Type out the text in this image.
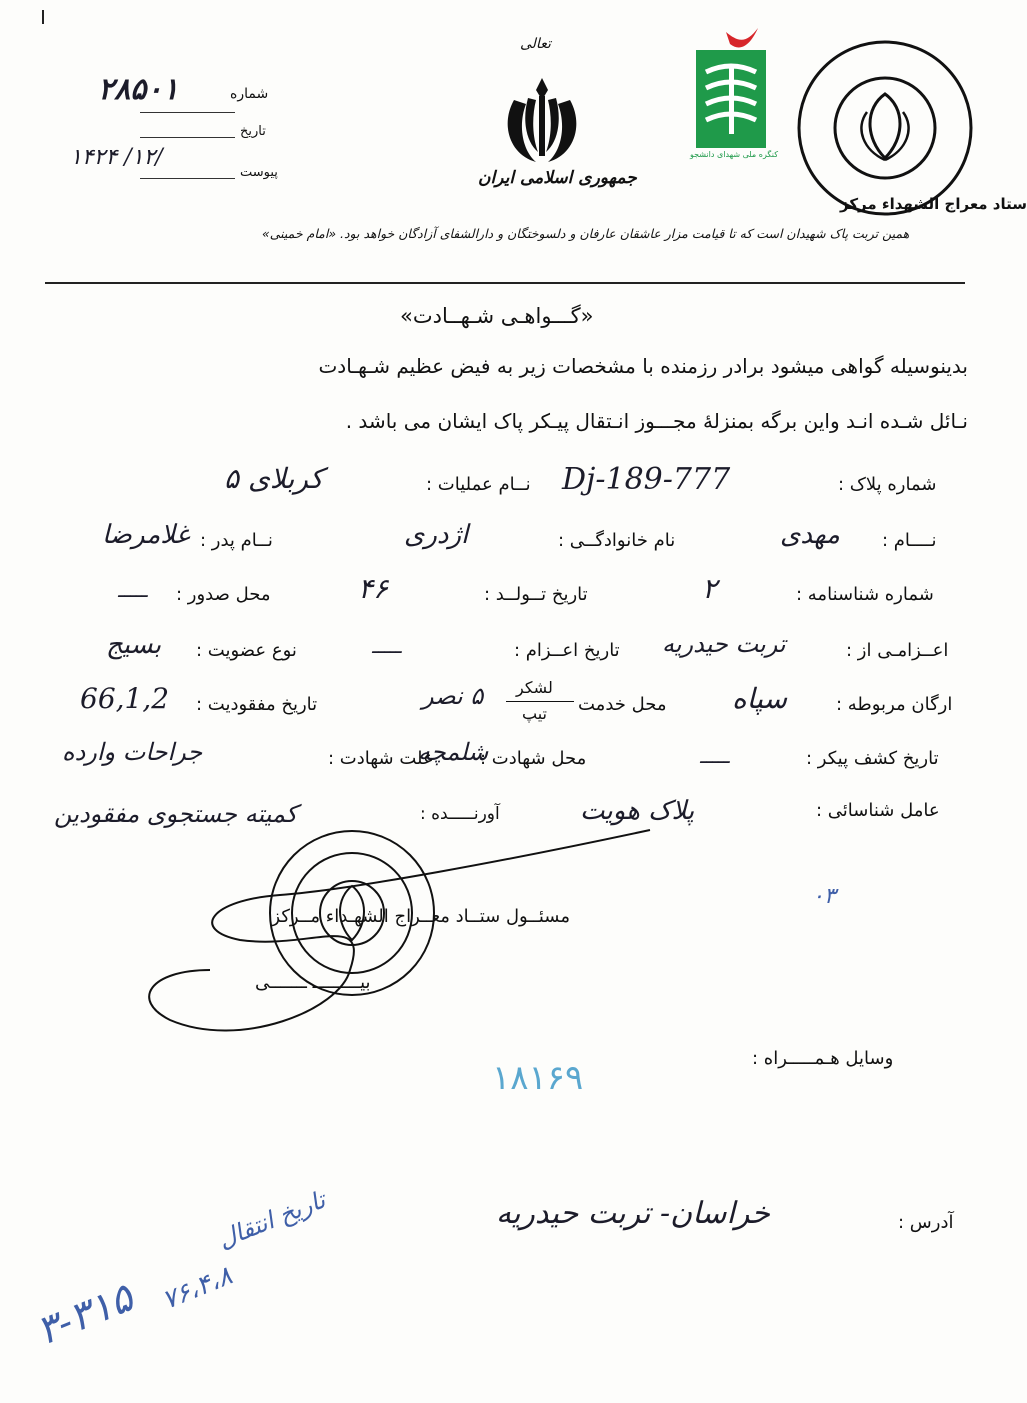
شماره
۲۸۵۰۱
تاریخ
پیوست
۱۴۲۴ /۱۲/
تعالی
جمهوری اسلامی ایران
کنگره ملی شهدای دانشجو
ستاد معراج الشهداء مرکز
همین تربت پاک شهیدان است که تا قیامت مزار عاشقان عارفان و دلسوختگان و دارالشفای آزادگان خواهد بود. «امام خمینی»
«گـــواهـی شـهــادت»
بدینوسیله گواهی میشود برادر رزمنده با مشخصات زیر به فیض عظیم شـهـادت
نـائل شـده انـد واین برگه بمنزلهٔ مجـــوز انـتقال پیـکر پاک ایشان می باشد .
شماره پلاک :
Dj-189-777
نــام عملیات :
کربلای ۵
نــــام :
مهدی
نام خانوادگــی :
اژدری
نــام پدر :
غلامرضا
شماره شناسنامه :
۲
تاریخ تــولــد :
۴۶
محل صدور :
ـــــ
اعــزامـی از :
تربت حیدریه
تاریخ اعــزام :
ـــــ
نوع عضویت :
بسیج
ارگان مربوطه :
سپاه
محل خدمت
لشکر
تیپ
۵ نصر
تاریخ مفقودیت :
66,1,2
تاریخ کشف پیکر :
ـــــ
محل شهادت :
شلمچه
علت شهادت :
جراحات وارده
عامل شناسائی :
پلاک هویت
آورنـــــده :
کمیته جستجوی مفقودین
مسئــول ستــاد معــراج الشهـداء مــرکز
بیـــــــــ ـــــــی
۰۳
وسایل هـمـــــراه :
۱۸۱۶۹
آدرس :
خراسان- تربت حیدریه
تاریخ انتقال
۷۶،۴،۸
۳-۳۱۵
